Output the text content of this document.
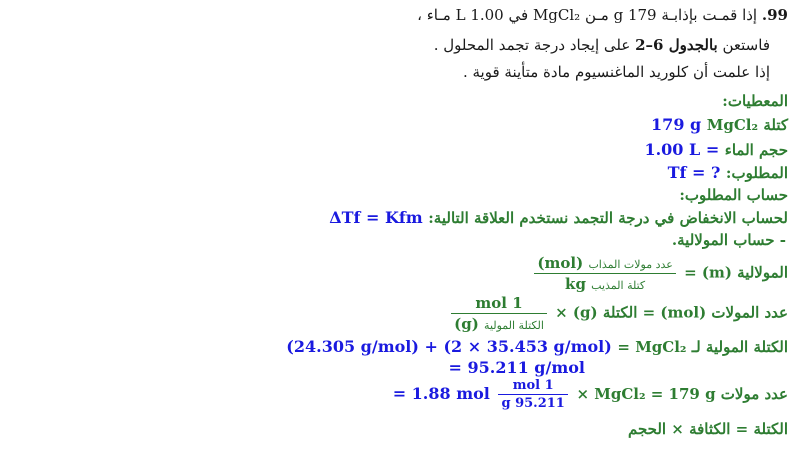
99. إذا قمـت بإذابـة 179 g مـن MgCl₂ في 1.00 L مـاء ،
فاستعن بالجدول 6–2 على إيجاد درجة تجمد المحلول .
إذا علمت أن كلوريد الماغنسيوم مادة متأينة قوية .
المعطيات:
كتلة MgCl₂ 179 g
حجم الماء = 1.00 L
المطلوب: Tf = ?
حساب المطلوب:
لحساب الانخفاض في درجة التجمد نستخدم العلاقة التالية: ΔTf = Kfm
- حساب المولالية.
المولالية (m) =
$\frac{\text{عدد مولات المذاب (mol)}}{\text{كتلة المذيب kg}}$
عدد المولات (mol) = الكتلة (g) ×
$\frac{\text{1 mol}}{\text{الكتلة المولية (g)}}$
الكتلة المولية لـ MgCl₂ = (24.305 g/mol) + (2 × 35.453 g/mol)
= 95.211 g/mol
عدد مولات MgCl₂ = 179 g ×
$\frac{\text{1 mol}}{95.211 g}$
= 1.88 mol
الكتلة = الكثافة × الحجم
